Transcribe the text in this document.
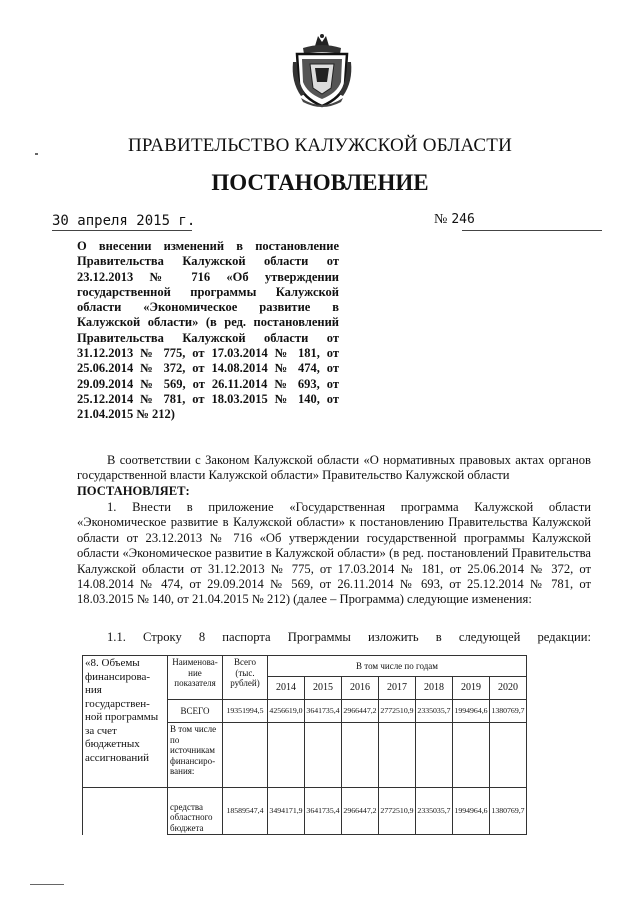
ПРАВИТЕЛЬСТВО КАЛУЖСКОЙ ОБЛАСТИ
ПОСТАНОВЛЕНИЕ
30 апреля 2015 г.	№ 246
О внесении изменений в постановление Правительства Калужской области от 23.12.2013 № 716 «Об утверждении государственной программы Калужской области «Экономическое развитие в Калужской области» (в ред. постановлений Правительства Калужской области от 31.12.2013 № 775, от 17.03.2014 № 181, от 25.06.2014 № 372, от 14.08.2014 № 474, от 29.09.2014 № 569, от 26.11.2014 № 693, от 25.12.2014 № 781, от 18.03.2015 № 140, от 21.04.2015 № 212)
В соответствии с Законом Калужской области «О нормативных правовых актах органов государственной власти Калужской области» Правительство Калужской области
ПОСТАНОВЛЯЕТ:
1. Внести в приложение «Государственная программа Калужской области «Экономическое развитие в Калужской области» к постановлению Правительства Калужской области от 23.12.2013 № 716 «Об утверждении государственной программы Калужской области «Экономическое развитие в Калужской области» (в ред. постановлений Правительства Калужской области от 31.12.2013 № 775, от 17.03.2014 № 181, от 25.06.2014 № 372, от 14.08.2014 № 474, от 29.09.2014 № 569, от 26.11.2014 № 693, от 25.12.2014 № 781, от 18.03.2015 № 140, от 21.04.2015 № 212) (далее – Программа) следующие изменения:
1.1. Строку 8 паспорта Программы изложить в следующей редакции:
«8. Объемы финансирова-ния государствен-ной программы за счет бюджетных ассигнований	Наименова-ние показателя	Всего (тыс. рублей)	В том числе по годам						
			2014	2015	2016	2017	2018	2019	2020
	ВСЕГО	19351994,5	4256619,0	3641735,4	2966447,2	2772510,9	2335035,7	1994964,6	1380769,7
	В том числе по источникам финансиро-вания:								
	средства областного бюджета	18589547,4	3494171,9	3641735,4	2966447,2	2772510,9	2335035,7	1994964,6	1380769,7
